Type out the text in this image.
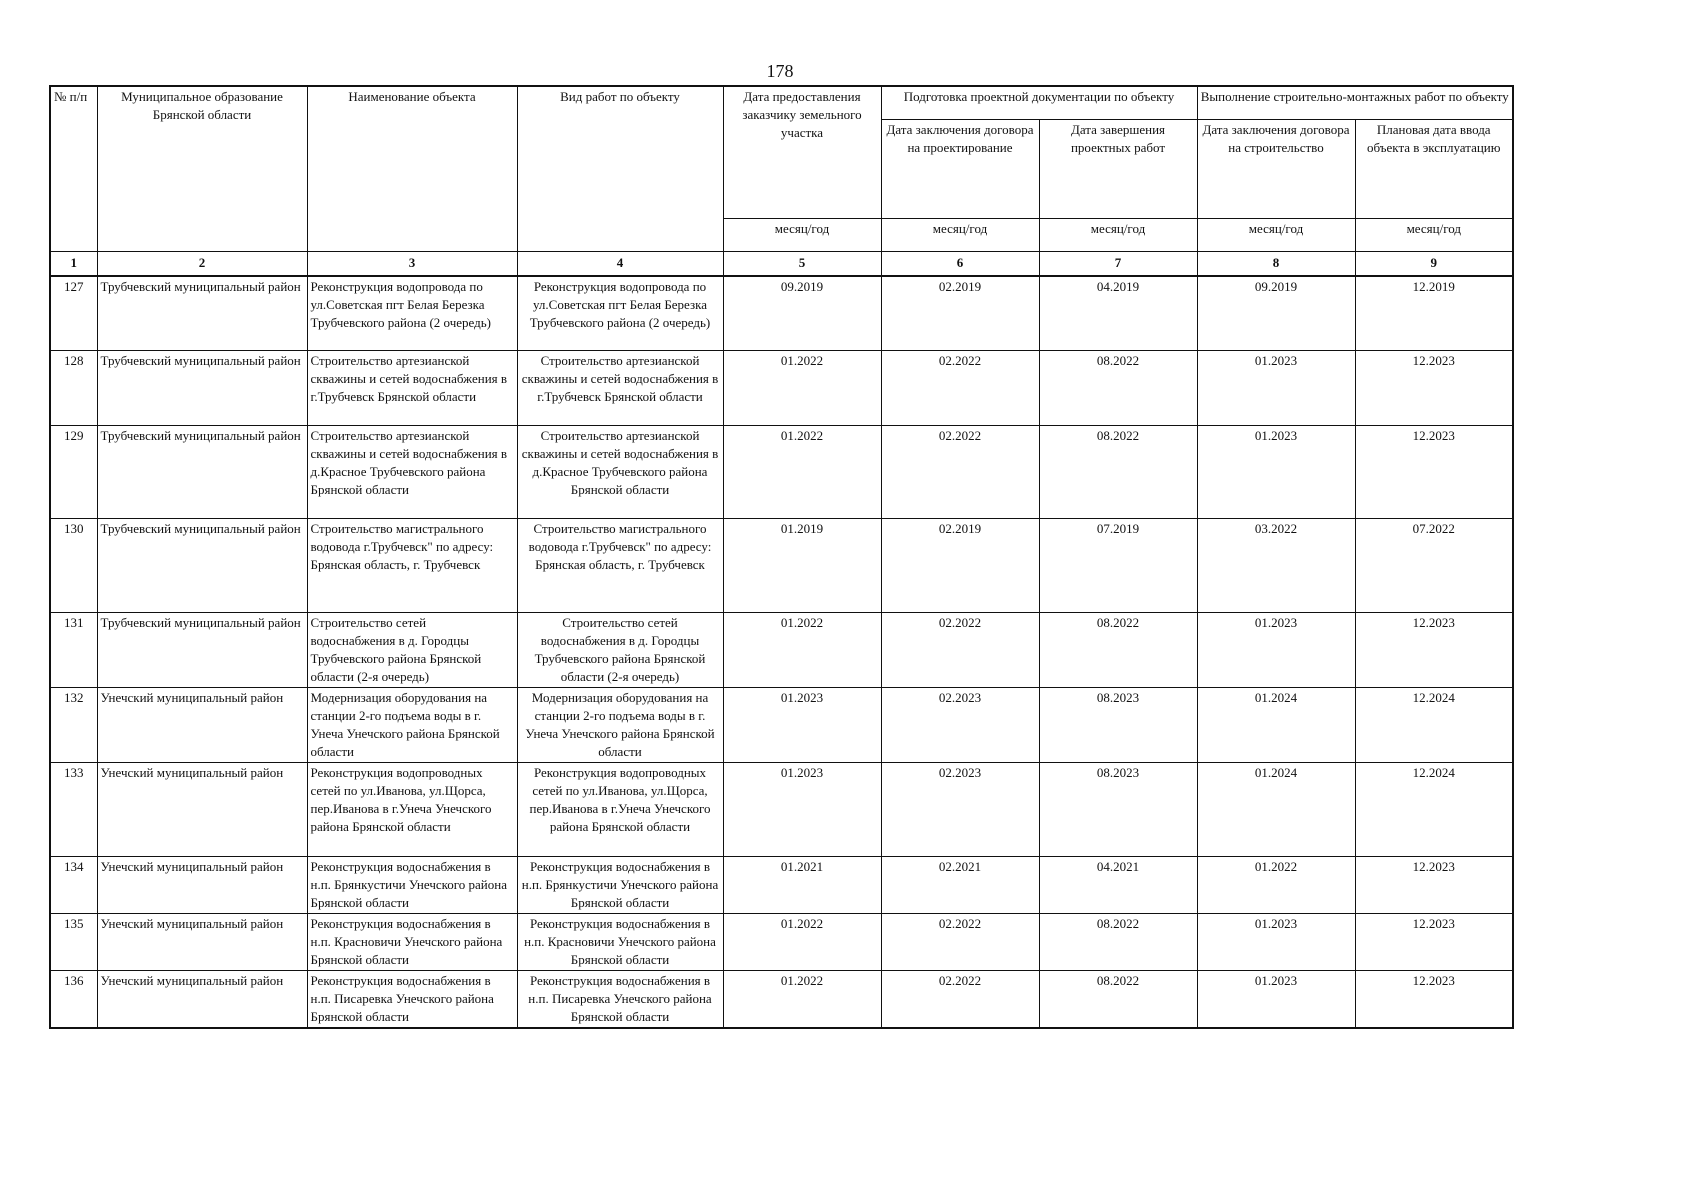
178
№ п/п	Муниципальное образование Брянской области	Наименование объекта	Вид работ по объекту	Дата предоставления заказчику земельного участка	Подготовка проектной документации по объекту		Выполнение строительно-монтажных работ по объекту	
					Дата заключения договора на проектирование	Дата завершения проектных работ	Дата заключения договора на строительство	Плановая дата ввода объекта в эксплуатацию
				месяц/год	месяц/год	месяц/год	месяц/год	месяц/год
1	2	3	4	5	6	7	8	9
127	Трубчевский муниципальный район	Реконструкция водопровода по ул.Советская пгт Белая Березка Трубчевского района (2 очередь)	Реконструкция водопровода по ул.Советская пгт Белая Березка Трубчевского района (2 очередь)	09.2019	02.2019	04.2019	09.2019	12.2019
128	Трубчевский муниципальный район	Строительство артезианской скважины и сетей водоснабжения в г.Трубчевск Брянской области	Строительство артезианской скважины и сетей водоснабжения в г.Трубчевск Брянской области	01.2022	02.2022	08.2022	01.2023	12.2023
129	Трубчевский муниципальный район	Строительство артезианской скважины и сетей водоснабжения в д.Красное Трубчевского района Брянской области	Строительство артезианской скважины и сетей водоснабжения в д.Красное Трубчевского района Брянской области	01.2022	02.2022	08.2022	01.2023	12.2023
130	Трубчевский муниципальный район	Строительство магистрального водовода г.Трубчевск" по адресу: Брянская область, г. Трубчевск	Строительство магистрального водовода г.Трубчевск" по адресу: Брянская область, г. Трубчевск	01.2019	02.2019	07.2019	03.2022	07.2022
131	Трубчевский муниципальный район	Строительство сетей водоснабжения в д. Городцы Трубчевского района Брянской области (2-я очередь)	Строительство сетей водоснабжения в д. Городцы Трубчевского района Брянской области (2-я очередь)	01.2022	02.2022	08.2022	01.2023	12.2023
132	Унечский муниципальный район	Модернизация оборудования на станции 2-го подъема воды в г. Унеча Унечского района Брянской области	Модернизация оборудования на станции 2-го подъема воды в г. Унеча Унечского района Брянской области	01.2023	02.2023	08.2023	01.2024	12.2024
133	Унечский муниципальный район	Реконструкция водопроводных сетей по ул.Иванова, ул.Щорса, пер.Иванова в г.Унеча Унечского района Брянской области	Реконструкция водопроводных сетей по ул.Иванова, ул.Щорса, пер.Иванова в г.Унеча Унечского района Брянской области	01.2023	02.2023	08.2023	01.2024	12.2024
134	Унечский муниципальный район	Реконструкция водоснабжения в н.п. Брянкустичи Унечского района Брянской области	Реконструкция водоснабжения в н.п. Брянкустичи Унечского района Брянской области	01.2021	02.2021	04.2021	01.2022	12.2023
135	Унечский муниципальный район	Реконструкция водоснабжения в н.п. Красновичи Унечского района Брянской области	Реконструкция водоснабжения в н.п. Красновичи Унечского района Брянской области	01.2022	02.2022	08.2022	01.2023	12.2023
136	Унечский муниципальный район	Реконструкция водоснабжения в н.п. Писаревка Унечского района Брянской области	Реконструкция водоснабжения в н.п. Писаревка Унечского района Брянской области	01.2022	02.2022	08.2022	01.2023	12.2023
